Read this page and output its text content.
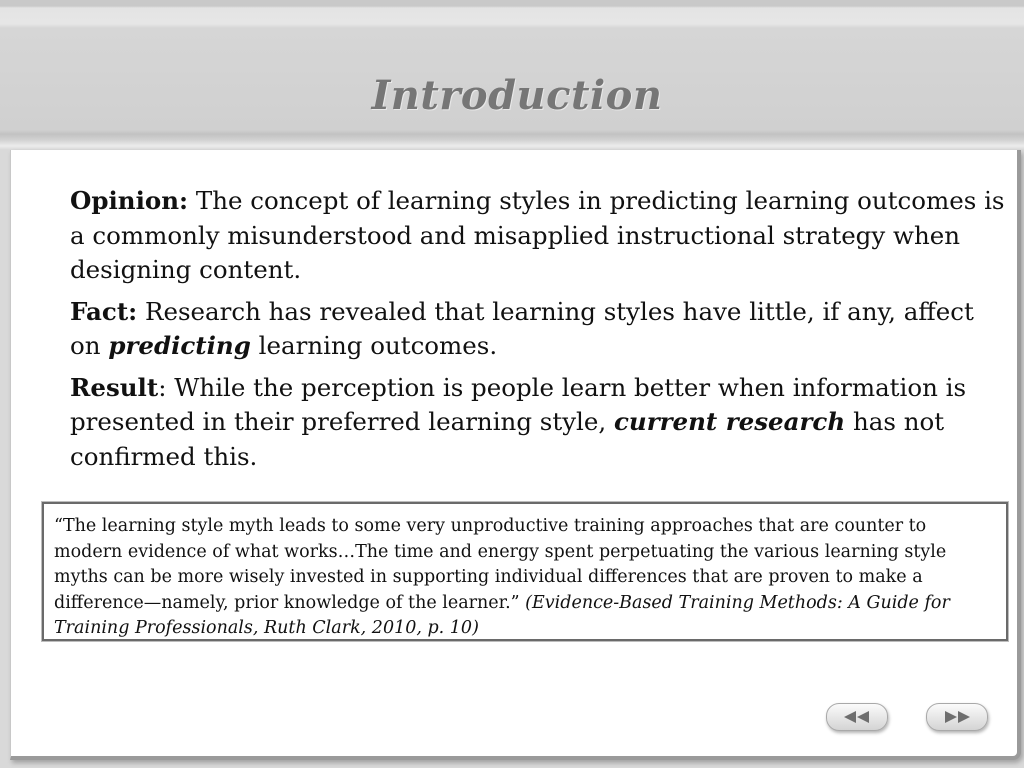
Introduction

Opinion: The concept of learning styles in predicting learning outcomes is a commonly misunderstood and misapplied instructional strategy when designing content.

Fact: Research has revealed that learning styles have little, if any, affect on predicting learning outcomes.

Result: While the perception is people learn better when information is presented in their preferred learning style, current research has not confirmed this.

“The learning style myth leads to some very unproductive training approaches that are counter to modern evidence of what works…The time and energy spent perpetuating the various learning style myths can be more wisely invested in supporting individual differences that are proven to make a difference—namely, prior knowledge of the learner.” (Evidence-Based Training Methods: A Guide for Training Professionals, Ruth Clark, 2010, p. 10)
